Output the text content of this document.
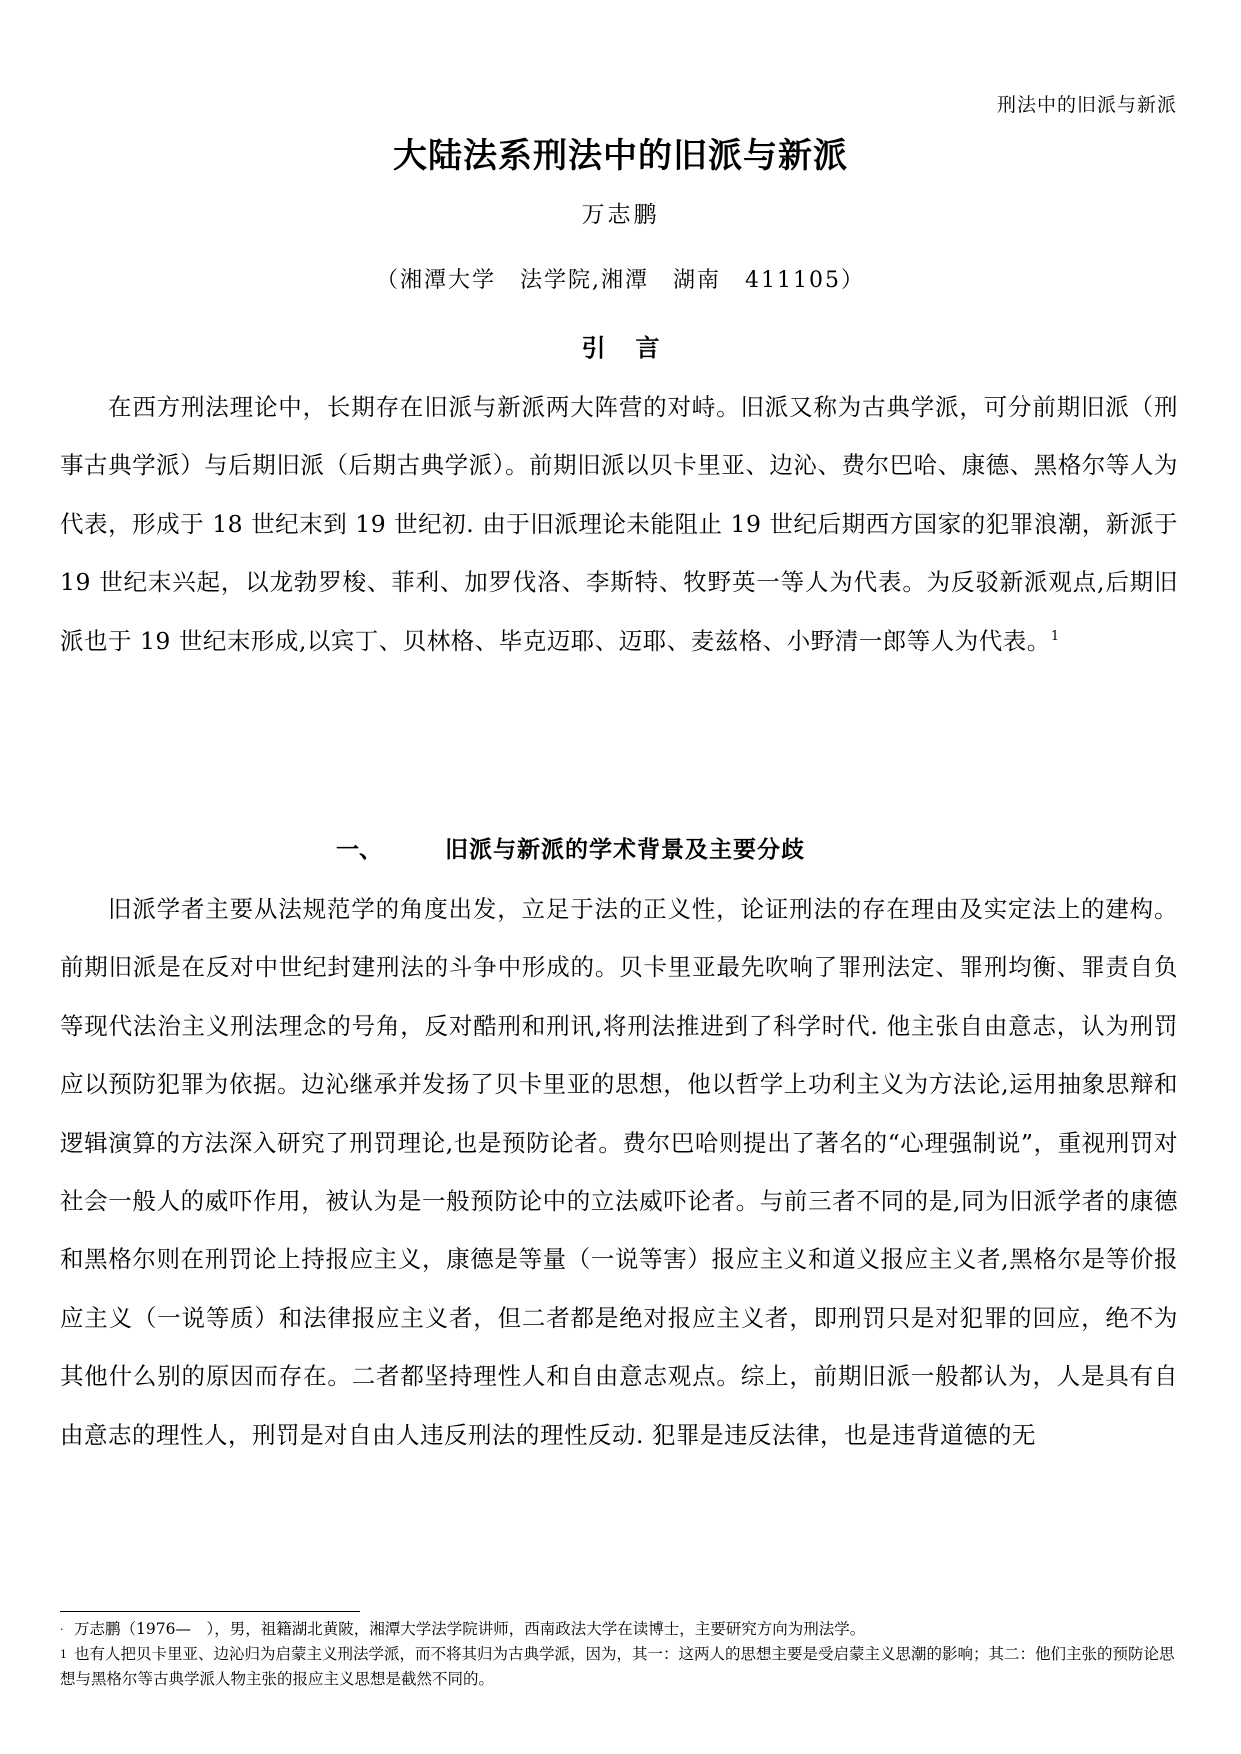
刑法中的旧派与新派
大陆法系刑法中的旧派与新派
万志鹏
（湘潭大学　法学院,湘潭　湖南　411105）
引言

在西方刑法理论中，长期存在旧派与新派两大阵营的对峙。旧派又称为古典学派，可分前期旧派（刑事古典学派）与后期旧派（后期古典学派）。前期旧派以贝卡里亚、边沁、费尔巴哈、康德、黑格尔等人为代表，形成于 18 世纪末到 19 世纪初. 由于旧派理论未能阻止 19 世纪后期西方国家的犯罪浪潮，新派于 19 世纪末兴起，以龙勃罗梭、菲利、加罗伐洛、李斯特、牧野英一等人为代表。为反驳新派观点,后期旧派也于 19 世纪末形成,以宾丁、贝林格、毕克迈耶、迈耶、麦兹格、小野清一郎等人为代表。$^1$

一、	旧派与新派的学术背景及主要分歧

旧派学者主要从法规范学的角度出发，立足于法的正义性，论证刑法的存在理由及实定法上的建构。前期旧派是在反对中世纪封建刑法的斗争中形成的。贝卡里亚最先吹响了罪刑法定、罪刑均衡、罪责自负等现代法治主义刑法理念的号角，反对酷刑和刑讯,将刑法推进到了科学时代. 他主张自由意志，认为刑罚应以预防犯罪为依据。边沁继承并发扬了贝卡里亚的思想，他以哲学上功利主义为方法论,运用抽象思辩和逻辑演算的方法深入研究了刑罚理论,也是预防论者。费尔巴哈则提出了著名的“心理强制说”，重视刑罚对社会一般人的威吓作用，被认为是一般预防论中的立法威吓论者。与前三者不同的是,同为旧派学者的康德和黑格尔则在刑罚论上持报应主义，康德是等量（一说等害）报应主义和道义报应主义者,黑格尔是等价报应主义（一说等质）和法律报应主义者，但二者都是绝对报应主义者，即刑罚只是对犯罪的回应，绝不为其他什么别的原因而存在。二者都坚持理性人和自由意志观点。综上，前期旧派一般都认为，人是具有自由意志的理性人，刑罚是对自由人违反刑法的理性反动. 犯罪是违反法律，也是违背道德的无

· 万志鹏（1976—　），男，祖籍湖北黄陂，湘潭大学法学院讲师，西南政法大学在读博士，主要研究方向为刑法学。

1 也有人把贝卡里亚、边沁归为启蒙主义刑法学派，而不将其归为古典学派，因为，其一：这两人的思想主要是受启蒙主义思潮的影响；其二：他们主张的预防论思想与黑格尔等古典学派人物主张的报应主义思想是截然不同的。
